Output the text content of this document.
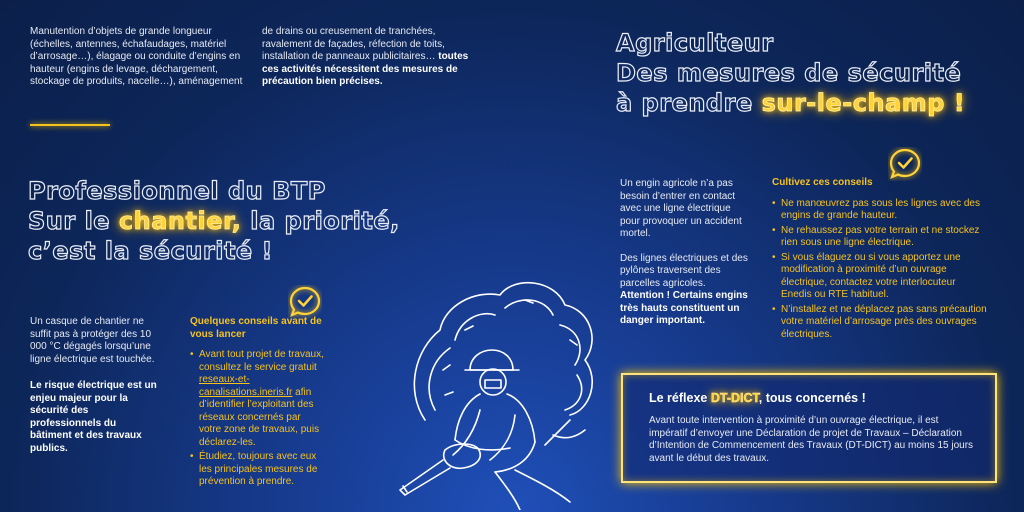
Manutention d’objets de grande longueur (échelles, antennes, échafaudages, matériel d’arrosage…), élagage ou conduite d’engins en hauteur (engins de levage, déchargement, stockage de produits, nacelle…), aménagement
de drains ou creusement de tranchées, ravalement de façades, réfection de toits, installation de panneaux publicitaires… toutes ces activités nécessitent des mesures de précaution bien précises.
Professionnel du BTP
Sur le chantier, la priorité,
c’est la sécurité !
Un casque de chantier ne suffit pas à protéger des 10 000 °C dégagés lorsqu’une ligne électrique est touchée.
Le risque électrique est un enjeu majeur pour la sécurité des professionnels du bâtiment et des travaux publics.
Quelques conseils avant de vous lancer
• Avant tout projet de travaux, consultez le service gratuit reseaux-et-canalisations.ineris.fr afin d’identifier l’exploitant des réseaux concernés par votre zone de travaux, puis déclarez-les.
• Étudiez, toujours avec eux les principales mesures de prévention à prendre.
Agriculteur
Des mesures de sécurité
à prendre sur-le-champ !
Un engin agricole n’a pas besoin d’entrer en contact avec une ligne électrique pour provoquer un accident mortel.
Des lignes électriques et des pylônes traversent des parcelles agricoles. Attention ! Certains engins très hauts constituent un danger important.
Cultivez ces conseils
• Ne manœuvrez pas sous les lignes avec des engins de grande hauteur.
• Ne rehaussez pas votre terrain et ne stockez rien sous une ligne électrique.
• Si vous élaguez ou si vous apportez une modification à proximité d’un ouvrage électrique, contactez votre interlocuteur Enedis ou RTE habituel.
• N’installez et ne déplacez pas sans précaution votre matériel d’arrosage près des ouvrages électriques.
Le réflexe DT-DICT, tous concernés !
Avant toute intervention à proximité d’un ouvrage électrique, il est impératif d’envoyer une Déclaration de projet de Travaux – Déclaration d’Intention de Commencement des Travaux (DT-DICT) au moins 15 jours avant le début des travaux.
